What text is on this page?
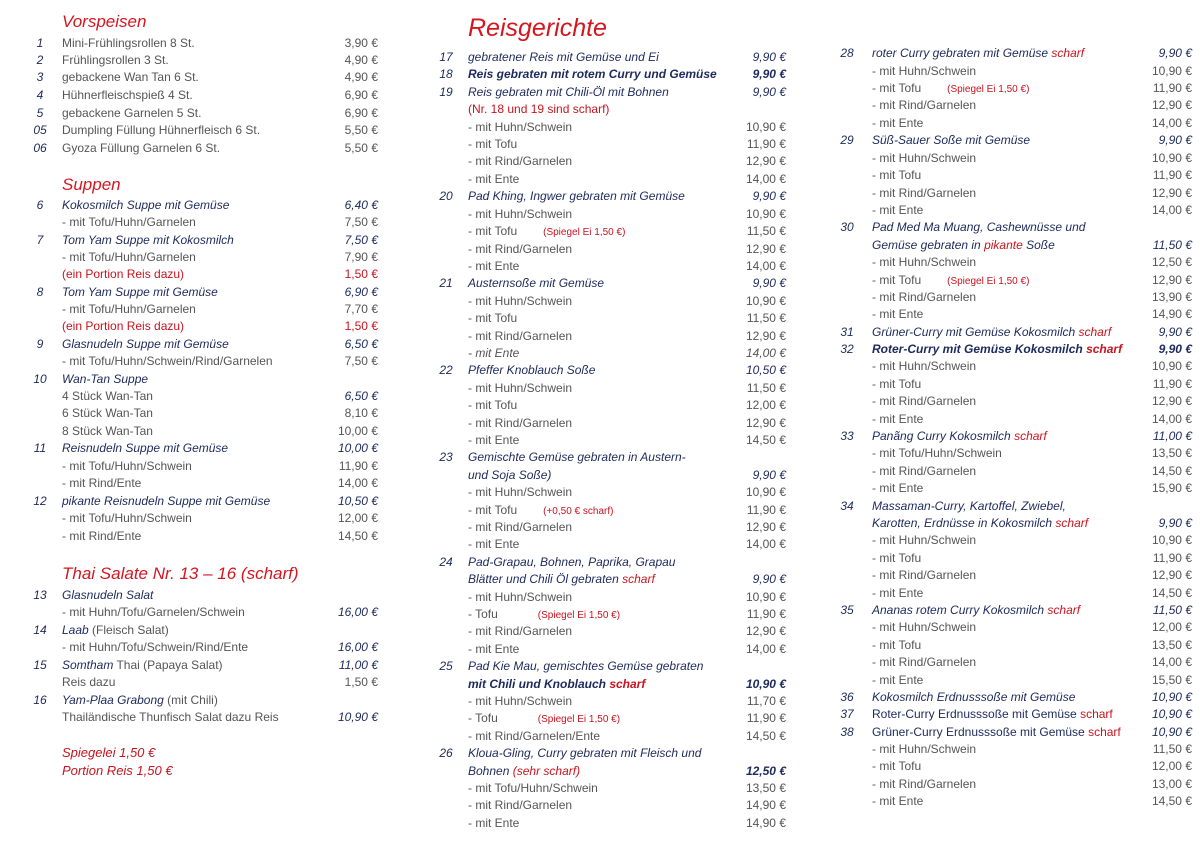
Vorspeisen
1	Mini-Frühlingsrollen 8 St.	3,90 €
2	Frühlingsrollen 3 St.	4,90 €
3	gebackene Wan Tan 6 St.	4,90 €
4	Hühnerfleischspieß 4 St.	6,90 €
5	gebackene Garnelen 5 St.	6,90 €
05 Dumpling Füllung Hühnerfleisch 6 St.	5,50 €
06 Gyoza Füllung Garnelen 6 St.	5,50 €
Suppen
6	Kokosmilch Suppe mit Gemüse	6,40 €
- mit Tofu/Huhn/Garnelen	7,50 €
7	Tom Yam Suppe mit Kokosmilch	7,50 €
- mit Tofu/Huhn/Garnelen	7,90 €
(ein Portion Reis dazu)	1,50 €
8	Tom Yam Suppe mit Gemüse	6,90 €
- mit Tofu/Huhn/Garnelen	7,70 €
(ein Portion Reis dazu)	1,50 €
9	Glasnudeln Suppe mit Gemüse	6,50 €
- mit Tofu/Huhn/Schwein/Rind/Garnelen	7,50 €
10 Wan-Tan Suppe
4 Stück Wan-Tan	6,50 €
6 Stück Wan-Tan	8,10 €
8 Stück Wan-Tan	10,00 €
11	Reisnudeln Suppe mit Gemüse	10,00 €
- mit Tofu/Huhn/Schwein	11,90 €
- mit Rind/Ente	14,00 €
12 pikante Reisnudeln Suppe mit Gemüse	10,50 €
- mit Tofu/Huhn/Schwein	12,00 €
- mit Rind/Ente	14,50 €
Thai Salate Nr. 13 – 16 (scharf)
13 Glasnudeln Salat
- mit Huhn/Tofu/Garnelen/Schwein	16,00 €
14 Laab (Fleisch Salat)
- mit Huhn/Tofu/Schwein/Rind/Ente	16,00 €
15 Somtham Thai (Papaya Salat)	11,00 €
Reis dazu	1,50 €
16 Yam-Plaa Grabong (mit Chili)
Thailändische Thunfisch Salat dazu Reis	10,90 €
Spiegelei 1,50 €
Portion Reis 1,50 €
Reisgerichte
17	gebratener Reis mit Gemüse und Ei	9,90 €
18	Reis gebraten mit rotem Curry und Gemüse	9,90 €
19	Reis gebraten mit Chili-Öl mit Bohnen	9,90 €
(Nr. 18 und 19 sind scharf)
- mit Huhn/Schwein	10,90 €
- mit Tofu	11,90 €
- mit Rind/Garnelen	12,90 €
- mit Ente	14,00 €
20	Pad Khing, Ingwer gebraten mit Gemüse	9,90 €
- mit Huhn/Schwein	10,90 €
- mit Tofu	(Spiegel Ei 1,50 €)	11,50 €
- mit Rind/Garnelen	12,90 €
- mit Ente	14,00 €
21	Austernsoße mit Gemüse	9,90 €
- mit Huhn/Schwein	10,90 €
- mit Tofu	11,50 €
- mit Rind/Garnelen	12,90 €
- mit Ente	14,00 €
22	Pfeffer Knoblauch Soße	10,50 €
- mit Huhn/Schwein	11,50 €
- mit Tofu	12,00 €
- mit Rind/Garnelen	12,90 €
- mit Ente	14,50 €
23	Gemischte Gemüse gebraten in Austern-
und Soja Soße)	9,90 €
- mit Huhn/Schwein	10,90 €
- mit Tofu	(+0,50 € scharf)	11,90 €
- mit Rind/Garnelen	12,90 €
- mit Ente	14,00 €
24	Pad-Grapau, Bohnen, Paprika, Grapau
Blätter und Chili Öl gebraten scharf	9,90 €
- mit Huhn/Schwein	10,90 €
- Tofu	(Spiegel Ei 1,50 €)	11,90 €
- mit Rind/Garnelen	12,90 €
- mit Ente	14,00 €
25	Pad Kie Mau, gemischtes Gemüse gebraten
mit Chili und Knoblauch scharf	10,90 €
- mit Huhn/Schwein	11,70 €
- Tofu	(Spiegel Ei 1,50 €)	11,90 €
- mit Rind/Garnelen/Ente	14,50 €
26	Kloua-Gling, Curry gebraten mit Fleisch und
Bohnen (sehr scharf)	12,50 €
- mit Tofu/Huhn/Schwein	13,50 €
- mit Rind/Garnelen	14,90 €
- mit Ente	14,90 €
28	roter Curry gebraten mit Gemüse scharf	9,90 €
- mit Huhn/Schwein	10,90 €
- mit Tofu	(Spiegel Ei 1,50 €)	11,90 €
- mit Rind/Garnelen	12,90 €
- mit Ente	14,00 €
29	Süß-Sauer Soße mit Gemüse	9,90 €
- mit Huhn/Schwein	10,90 €
- mit Tofu	11,90 €
- mit Rind/Garnelen	12,90 €
- mit Ente	14,00 €
30	Pad Med Ma Muang, Cashewnüsse und
Gemüse gebraten in pikante Soße	11,50 €
- mit Huhn/Schwein	12,50 €
- mit Tofu	(Spiegel Ei 1,50 €)	12,90 €
- mit Rind/Garnelen	13,90 €
- mit Ente	14,90 €
31	Grüner-Curry mit Gemüse Kokosmilch scharf	9,90 €
32	Roter-Curry mit Gemüse Kokosmilch scharf	9,90 €
- mit Huhn/Schwein	10,90 €
- mit Tofu	11,90 €
- mit Rind/Garnelen	12,90 €
- mit Ente	14,00 €
33	Panãng Curry Kokosmilch scharf	11,00 €
- mit Tofu/Huhn/Schwein	13,50 €
- mit Rind/Garnelen	14,50 €
- mit Ente	15,90 €
34	Massaman-Curry, Kartoffel, Zwiebel,
Karotten, Erdnüsse in Kokosmilch scharf	9,90 €
- mit Huhn/Schwein	10,90 €
- mit Tofu	11,90 €
- mit Rind/Garnelen	12,90 €
- mit Ente	14,50 €
35	Ananas rotem Curry Kokosmilch scharf	11,50 €
- mit Huhn/Schwein	12,00 €
- mit Tofu	13,50 €
- mit Rind/Garnelen	14,00 €
- mit Ente	15,50 €
36	Kokosmilch Erdnusssoße mit Gemüse	10,90 €
37	Roter-Curry Erdnusssoße mit Gemüse scharf	10,90 €
38	Grüner-Curry Erdnusssoße mit Gemüse scharf	10,90 €
- mit Huhn/Schwein	11,50 €
- mit Tofu	12,00 €
- mit Rind/Garnelen	13,00 €
- mit Ente	14,50 €
